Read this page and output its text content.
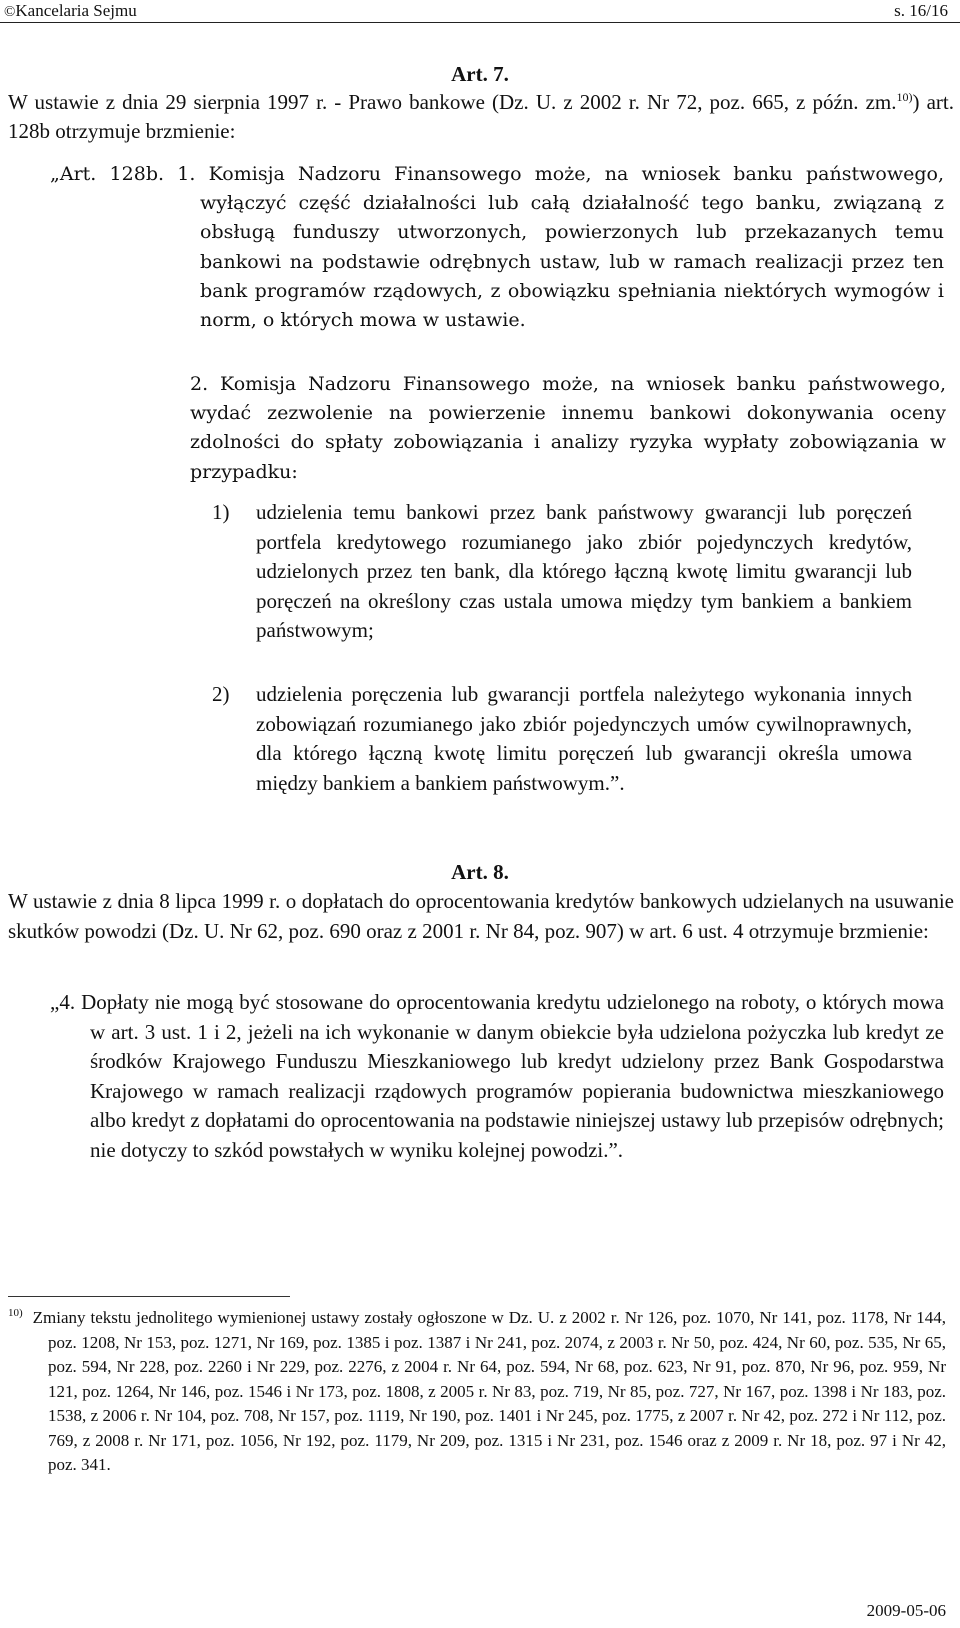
©Kancelaria Sejmu	s. 16/16
Art. 7.
W ustawie z dnia 29 sierpnia 1997 r. - Prawo bankowe (Dz. U. z 2002 r. Nr 72, poz. 665, z późn. zm.$^{10)}$) art. 128b otrzymuje brzmienie:
„Art. 128b. 1. Komisja Nadzoru Finansowego może, na wniosek banku państwowego, wyłączyć część działalności lub całą działalność tego banku, związaną z obsługą funduszy utworzonych, powierzonych lub przekazanych temu bankowi na podstawie odrębnych ustaw, lub w ramach realizacji przez ten bank programów rządowych, z obowiązku spełniania niektórych wymogów i norm, o których mowa w ustawie.
2. Komisja Nadzoru Finansowego może, na wniosek banku państwowego, wydać zezwolenie na powierzenie innemu bankowi dokonywania oceny zdolności do spłaty zobowiązania i analizy ryzyka wypłaty zobowiązania w przypadku:
1) udzielenia temu bankowi przez bank państwowy gwarancji lub poręczeń portfela kredytowego rozumianego jako zbiór pojedynczych kredytów, udzielonych przez ten bank, dla którego łączną kwotę limitu gwarancji lub poręczeń na określony czas ustala umowa między tym bankiem a bankiem państwowym;
2) udzielenia poręczenia lub gwarancji portfela należytego wykonania innych zobowiązań rozumianego jako zbiór pojedynczych umów cywilnoprawnych, dla którego łączną kwotę limitu poręczeń lub gwarancji określa umowa między bankiem a bankiem państwowym.”.
Art. 8.
W ustawie z dnia 8 lipca 1999 r. o dopłatach do oprocentowania kredytów bankowych udzielanych na usuwanie skutków powodzi (Dz. U. Nr 62, poz. 690 oraz z 2001 r. Nr 84, poz. 907) w art. 6 ust. 4 otrzymuje brzmienie:
„4. Dopłaty nie mogą być stosowane do oprocentowania kredytu udzielonego na roboty, o których mowa w art. 3 ust. 1 i 2, jeżeli na ich wykonanie w danym obiekcie była udzielona pożyczka lub kredyt ze środków Krajowego Funduszu Mieszkaniowego lub kredyt udzielony przez Bank Gospodarstwa Krajowego w ramach realizacji rządowych programów popierania budownictwa mieszkaniowego albo kredyt z dopłatami do oprocentowania na podstawie niniejszej ustawy lub przepisów odrębnych; nie dotyczy to szkód powstałych w wyniku kolejnej powodzi.”.
$^{10)}$ Zmiany tekstu jednolitego wymienionej ustawy zostały ogłoszone w Dz. U. z 2002 r. Nr 126, poz. 1070, Nr 141, poz. 1178, Nr 144, poz. 1208, Nr 153, poz. 1271, Nr 169, poz. 1385 i poz. 1387 i Nr 241, poz. 2074, z 2003 r. Nr 50, poz. 424, Nr 60, poz. 535, Nr 65, poz. 594, Nr 228, poz. 2260 i Nr 229, poz. 2276, z 2004 r. Nr 64, poz. 594, Nr 68, poz. 623, Nr 91, poz. 870, Nr 96, poz. 959, Nr 121, poz. 1264, Nr 146, poz. 1546 i Nr 173, poz. 1808, z 2005 r. Nr 83, poz. 719, Nr 85, poz. 727, Nr 167, poz. 1398 i Nr 183, poz. 1538, z 2006 r. Nr 104, poz. 708, Nr 157, poz. 1119, Nr 190, poz. 1401 i Nr 245, poz. 1775, z 2007 r. Nr 42, poz. 272 i Nr 112, poz. 769, z 2008 r. Nr 171, poz. 1056, Nr 192, poz. 1179, Nr 209, poz. 1315 i Nr 231, poz. 1546 oraz z 2009 r. Nr 18, poz. 97 i Nr 42, poz. 341.
2009-05-06
